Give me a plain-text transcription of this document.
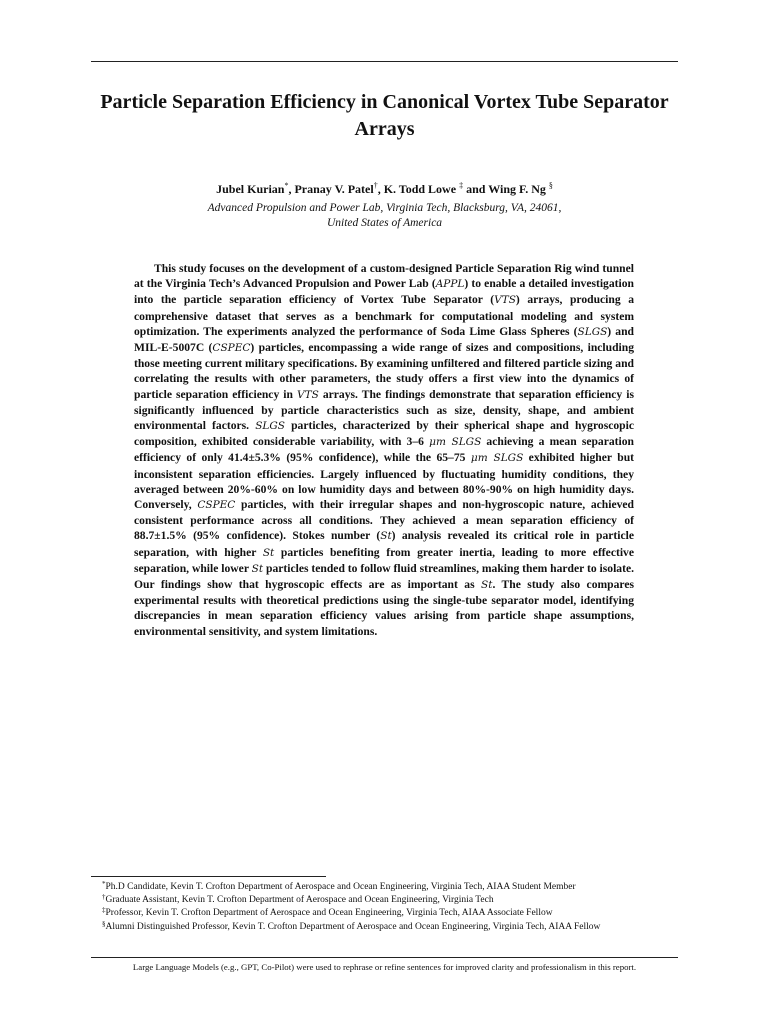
Particle Separation Efficiency in Canonical Vortex Tube Separator Arrays
Jubel Kurian*, Pranay V. Patel†, K. Todd Lowe ‡ and Wing F. Ng §
Advanced Propulsion and Power Lab, Virginia Tech, Blacksburg, VA, 24061,
United States of America

This study focuses on the development of a custom-designed Particle Separation Rig wind tunnel at the Virginia Tech’s Advanced Propulsion and Power Lab (APPL) to enable a detailed investigation into the particle separation efficiency of Vortex Tube Separator (VTS) arrays, producing a comprehensive dataset that serves as a benchmark for computational modeling and system optimization. The experiments analyzed the performance of Soda Lime Glass Spheres (SLGS) and MIL-E-5007C (CSPEC) particles, encompassing a wide range of sizes and compositions, including those meeting current military specifications. By examining unfiltered and filtered particle sizing and correlating the results with other parameters, the study offers a first view into the dynamics of particle separation efficiency in VTS arrays. The findings demonstrate that separation efficiency is significantly influenced by particle characteristics such as size, density, shape, and ambient environmental factors. SLGS particles, characterized by their spherical shape and hygroscopic composition, exhibited considerable variability, with 3–6 μm SLGS achieving a mean separation efficiency of only 41.4±5.3% (95% confidence), while the 65–75 μm SLGS exhibited higher but inconsistent separation efficiencies. Largely influenced by fluctuating humidity conditions, they averaged between 20%-60% on low humidity days and between 80%-90% on high humidity days. Conversely, CSPEC particles, with their irregular shapes and non-hygroscopic nature, achieved consistent performance across all conditions. They achieved a mean separation efficiency of 88.7±1.5% (95% confidence). Stokes number (St) analysis revealed its critical role in particle separation, with higher St particles benefiting from greater inertia, leading to more effective separation, while lower St particles tended to follow fluid streamlines, making them harder to isolate. Our findings show that hygroscopic effects are as important as St. The study also compares experimental results with theoretical predictions using the single-tube separator model, identifying discrepancies in mean separation efficiency values arising from particle shape assumptions, environmental sensitivity, and system limitations.

*Ph.D Candidate, Kevin T. Crofton Department of Aerospace and Ocean Engineering, Virginia Tech, AIAA Student Member
†Graduate Assistant, Kevin T. Crofton Department of Aerospace and Ocean Engineering, Virginia Tech
‡Professor, Kevin T. Crofton Department of Aerospace and Ocean Engineering, Virginia Tech, AIAA Associate Fellow
§Alumni Distinguished Professor, Kevin T. Crofton Department of Aerospace and Ocean Engineering, Virginia Tech, AIAA Fellow
Large Language Models (e.g., GPT, Co-Pilot) were used to rephrase or refine sentences for improved clarity and professionalism in this report.
